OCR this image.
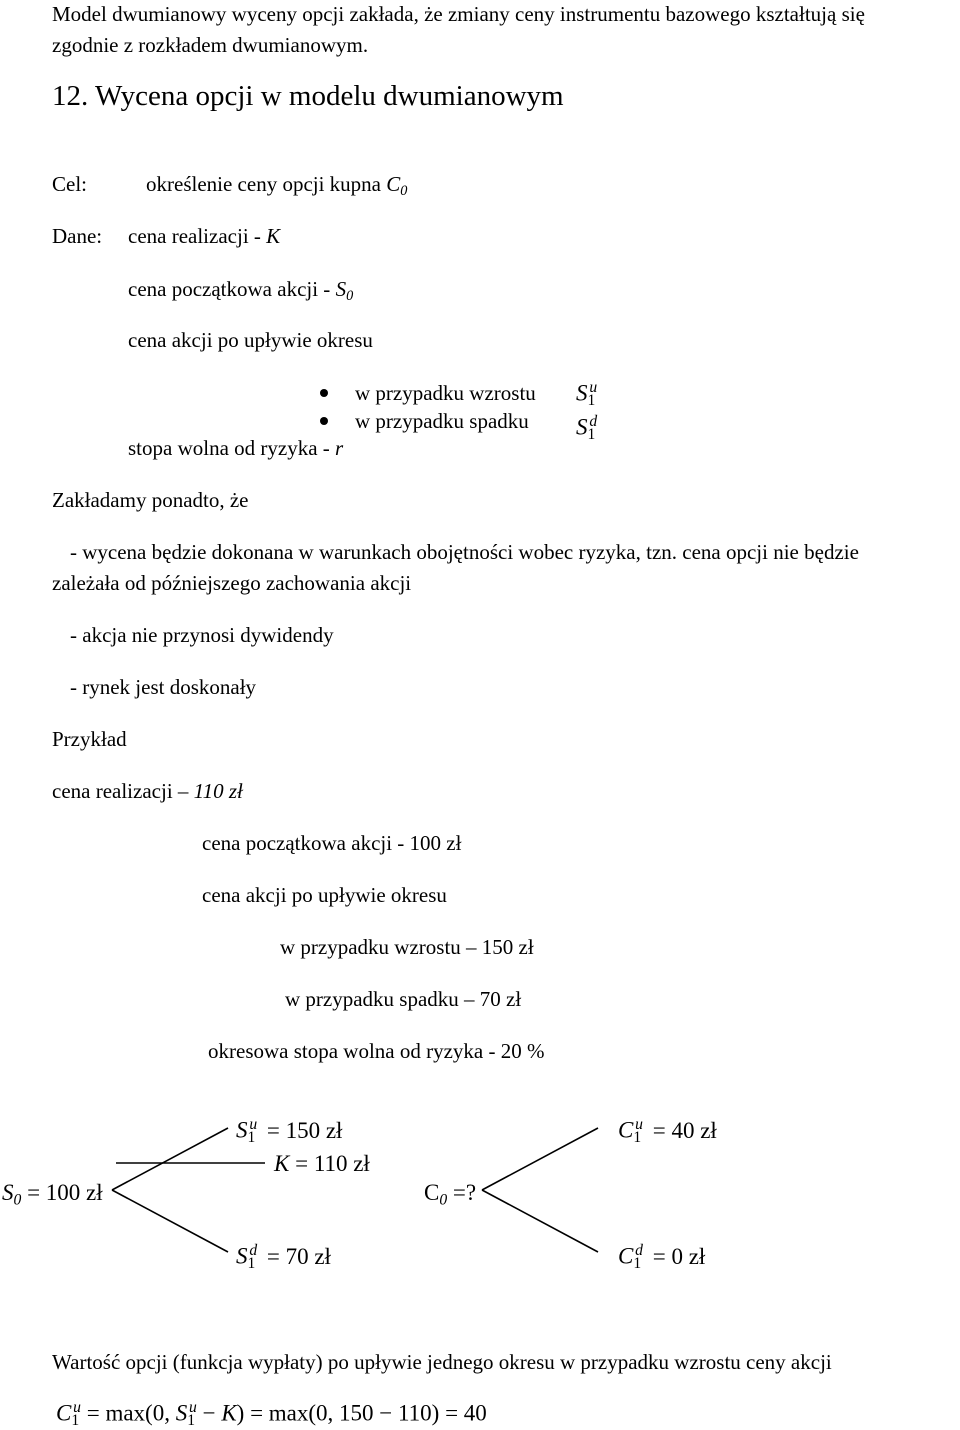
Model dwumianowy wyceny opcji zakłada, że zmiany ceny instrumentu bazowego kształtują się
zgodnie z rozkładem dwumianowym.
12. Wycena opcji w modelu dwumianowym
Cel:	określenie ceny opcji kupna $C_0$
Dane: cena realizacji - K
cena początkowa akcji - $S_0$
cena akcji po upływie okresu
w przypadku wzrostu $S_1^u$
w przypadku spadku $S_1^d$
stopa wolna od ryzyka - r
Zakładamy ponadto, że
- wycena będzie dokonana w warunkach obojętności wobec ryzyka, tzn. cena opcji nie będzie
zależała od późniejszego zachowania akcji
- akcja nie przynosi dywidendy
- rynek jest doskonały
Przykład
cena realizacji – 110 zł
cena początkowa akcji - 100 zł
cena akcji po upływie okresu
w przypadku wzrostu – 150 zł
w przypadku spadku – 70 zł
okresowa stopa wolna od ryzyka - 20 %
$S_0 = 100$ zł
$S_1^u = 150$ zł
K = 110 zł
$S_1^d = 70$ zł
$C_0$ =?
$C_1^u = 40$ zł
$C_1^d = 0$ zł
Wartość opcji (funkcja wypłaty) po upływie jednego okresu w przypadku wzrostu ceny akcji
$C_1^u = \max(0$, $S_1^u - K) = \max(0$, 150 − 110) = 40
